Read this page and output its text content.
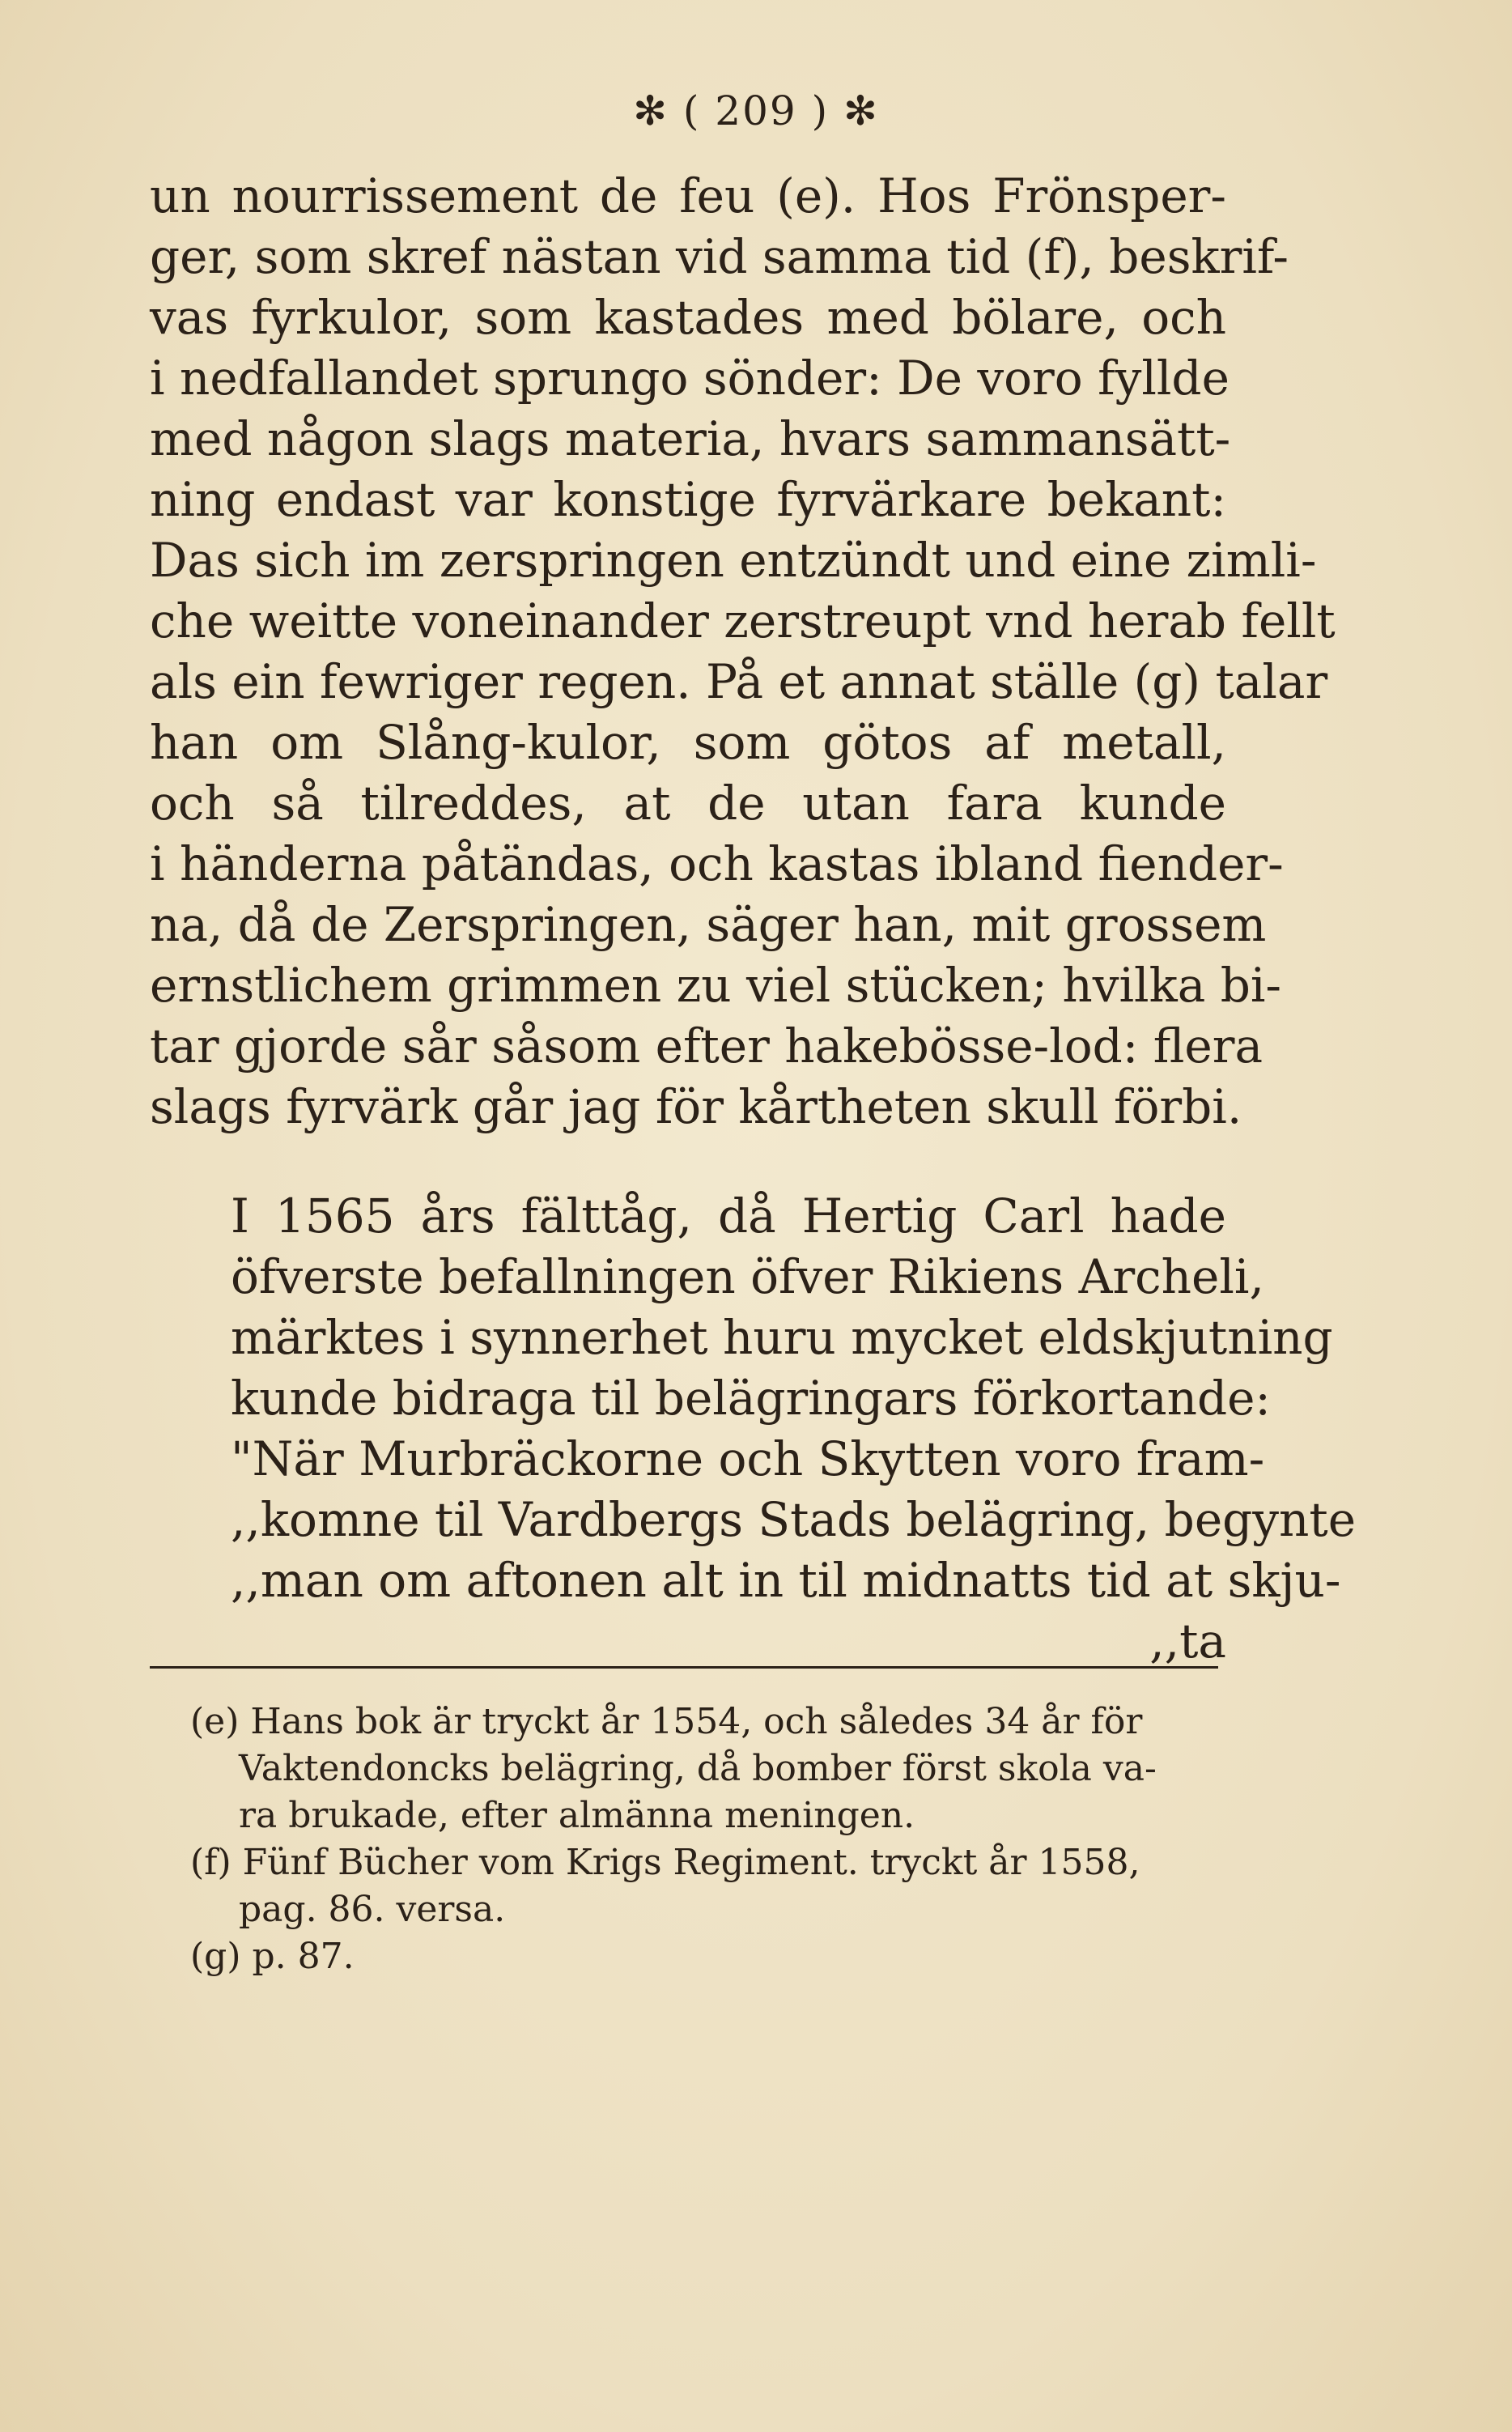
✻ ( 209 ) ✻

un nourrissement de feu (e). Hos Frönsper-
ger, som skref nästan vid samma tid (f), beskrif-
vas fyrkulor, som kastades med bölare, och
i nedfallandet sprungo sönder: De voro fyllde
med någon slags materia, hvars sammansätt-
ning endast var konstige fyrvärkare bekant:
Das sich im zerspringen entzündt und eine zimli-
che weitte voneinander zerstreupt vnd herab fellt
als ein fewriger regen. På et annat ställe (g) talar
han om Slång-kulor, som götos af metall,
och så tilreddes, at de utan fara kunde
i händerna påtändas, och kastas ibland fiender-
na, då de Zerspringen, säger han, mit grossem
ernstlichem grimmen zu viel stücken; hvilka bi-
tar gjorde sår såsom efter hakebösse-lod: flera
slags fyrvärk går jag för kårtheten skull förbi.

I 1565 års fälttåg, då Hertig Carl hade
öfverste befallningen öfver Rikiens Archeli,
märktes i synnerhet huru mycket eldskjutning
kunde bidraga til belägringars förkortande:
"När Murbräckorne och Skytten voro fram-
,,komne til Vardbergs Stads belägring, begynte
,,man om aftonen alt in til midnatts tid at skju-

,,ta
(e) Hans bok är tryckt år 1554, och således 34 år för
Vaktendoncks belägring, då bomber först skola va-
ra brukade, efter almänna meningen.
(f) Fünf Bücher vom Krigs Regiment. tryckt år 1558,
pag. 86. versa.
(g) p. 87.
